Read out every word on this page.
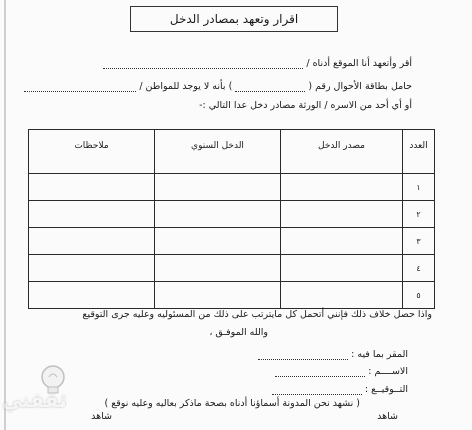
اقرار وتعهد بمصادر الدخل
أقر وأتعهد أنا الموقع أدناه /
حامل بطاقة الأحوال رقم (  ) بأنه لا يوجد للمواطن /
أو أي أحد من الاسره / الورثة مصادر دخل عدا التالي :-
العدد	مصدر الدخل	الدخل السنوي	ملاحظات
١			
٢			
٣			
٤			
٥			
واذا حصل خلاف ذلك فإنني أتحمل كل مايترتب على ذلك من المسئوليه وعليه جرى التوقيع
والله الموفـق ،
المقر بما فيه :
الاســــم :
التــوقيــع :
( نشهد نحن المدونة أسماؤنا أدناه بصحة ماذكر بعاليه وعليه نوقع )
شاهد
شاهد
ثقفني
